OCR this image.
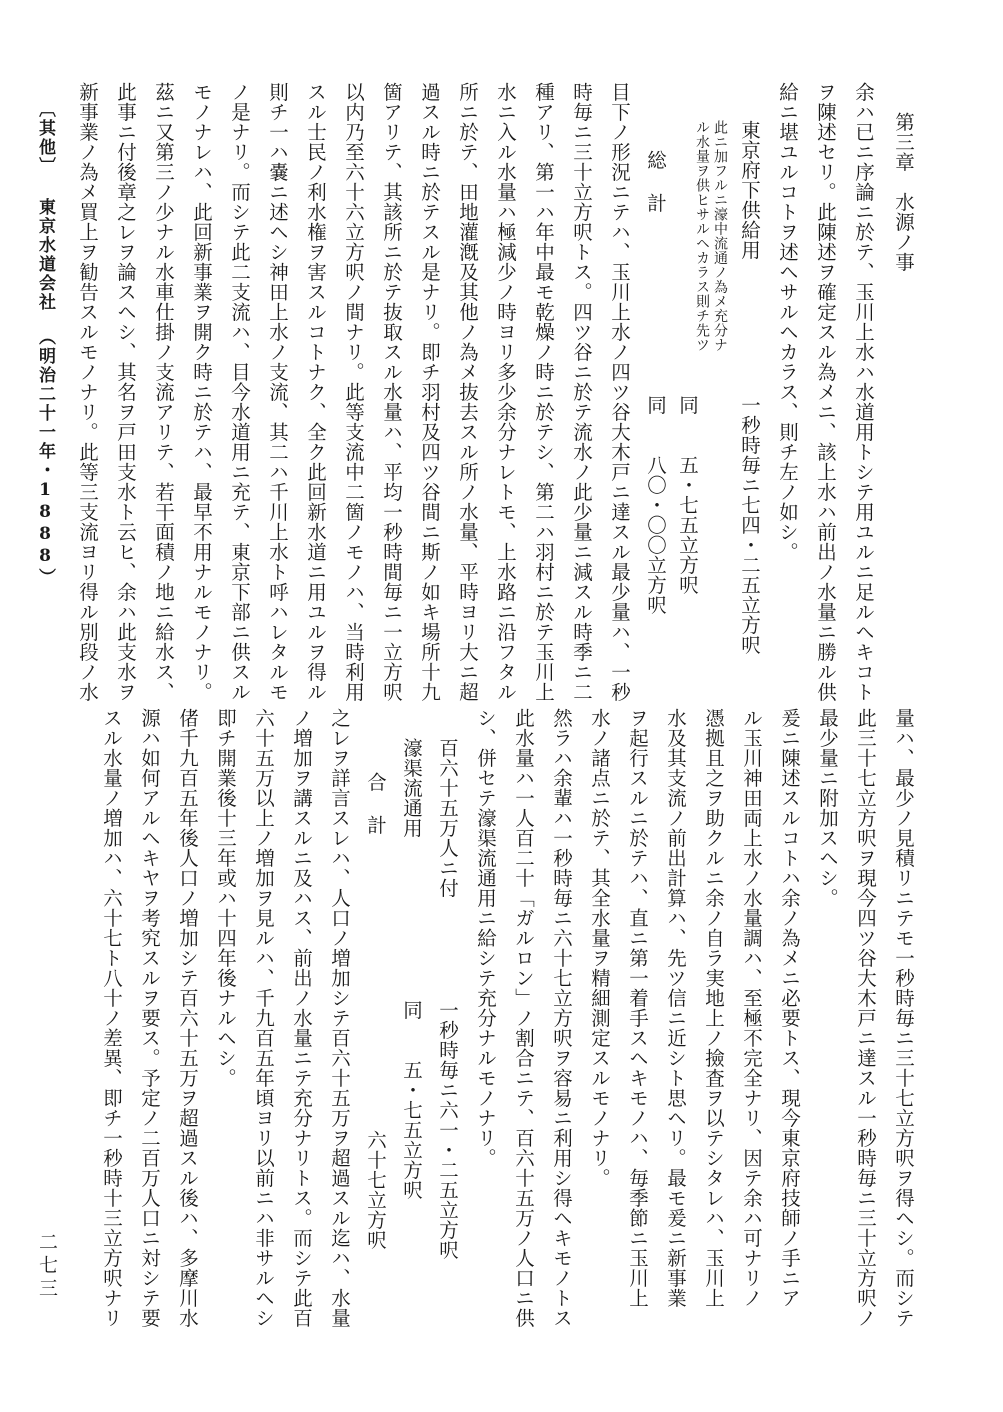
第三章　水源ノ事
余ハ已ニ序論ニ於テ、玉川上水ハ水道用トシテ用ユルニ足ルヘキコト
ヲ陳述セリ。此陳述ヲ確定スル為メニ、該上水ハ前出ノ水量ニ勝ル供
給ニ堪ユルコトヲ述ヘサルヘカラス、則チ左ノ如シ。
東京府下供給用
一秒時毎ニ七四・二五立方呎
此ニ加フルニ濠中流通ノ為メ充分ナ
ル水量ヲ供ヒサルヘカラス則チ先ツ
同　　五・七五立方呎
総　計
同　　八〇・〇〇立方呎
目下ノ形況ニテハ、玉川上水ノ四ツ谷大木戸ニ達スル最少量ハ、一秒
時毎ニ三十立方呎トス。四ツ谷ニ於テ流水ノ此少量ニ減スル時季ニ二
種アリ、第一ハ年中最モ乾燥ノ時ニ於テシ、第二ハ羽村ニ於テ玉川上
水ニ入ル水量ハ極減少ノ時ヨリ多少余分ナレトモ、上水路ニ沿フタル
所ニ於テ、田地灌漑及其他ノ為メ抜去スル所ノ水量、平時ヨリ大ニ超
過スル時ニ於テスル是ナリ。即チ羽村及四ツ谷間ニ斯ノ如キ場所十九
箇アリテ、其該所ニ於テ抜取スル水量ハ、平均一秒時間毎ニ一立方呎
以内乃至六十六立方呎ノ間ナリ。此等支流中二箇ノモノハ、当時利用
スル士民ノ利水権ヲ害スルコトナク、全ク此回新水道ニ用ユルヲ得ル
則チ一ハ嚢ニ述ヘシ神田上水ノ支流、其二ハ千川上水ト呼ハレタルモ
ノ是ナリ。而シテ此二支流ハ、目今水道用ニ充テ、東京下部ニ供スル
モノナレハ、此回新事業ヲ開ク時ニ於テハ、最早不用ナルモノナリ。
茲ニ又第三ノ少ナル水車仕掛ノ支流アリテ、若干面積ノ地ニ給水ス、
此事ニ付後章之レヲ論スヘシ、其名ヲ戸田支水ト云ヒ、余ハ此支水ヲ
新事業ノ為メ買上ヲ勧告スルモノナリ。此等三支流ヨリ得ル別段ノ水
量ハ、最少ノ見積リニテモ一秒時毎ニ三十七立方呎ヲ得ヘシ。而シテ
此三十七立方呎ヲ現今四ツ谷大木戸ニ達スル一秒時毎ニ三十立方呎ノ
最少量ニ附加スヘシ。
爰ニ陳述スルコトハ余ノ為メニ必要トス、現今東京府技師ノ手ニア
ル玉川神田両上水ノ水量調ハ、至極不完全ナリ、因テ余ハ可ナリノ
憑拠且之ヲ助クルニ余ノ自ラ実地上ノ撿査ヲ以テシタレハ、玉川上
水及其支流ノ前出計算ハ、先ツ信ニ近シト思ヘリ。最モ爰ニ新事業
ヲ起行スルニ於テハ、直ニ第一着手スヘキモノハ、毎季節ニ玉川上
水ノ諸点ニ於テ、其全水量ヲ精細測定スルモノナリ。
然ラハ余輩ハ一秒時毎ニ六十七立方呎ヲ容易ニ利用シ得ヘキモノトス
此水量ハ一人百二十「ガルロン」ノ割合ニテ、百六十五万ノ人口ニ供
シ、併セテ濠渠流通用ニ給シテ充分ナルモノナリ。
百六十五万人ニ付
一秒時毎ニ六一・二五立方呎
濠渠流通用
同　　五・七五立方呎
合　計
六十七立方呎
之レヲ詳言スレハ、人口ノ増加シテ百六十五万ヲ超過スル迄ハ、水量
ノ増加ヲ講スルニ及ハス、前出ノ水量ニテ充分ナリトス。而シテ此百
六十五万以上ノ増加ヲ見ルハ、千九百五年頃ヨリ以前ニハ非サルヘシ
即チ開業後十三年或ハ十四年後ナルヘシ。
偖千九百五年後人口ノ増加シテ百六十五万ヲ超過スル後ハ、多摩川水
源ハ如何アルヘキヤヲ考究スルヲ要ス。予定ノ二百万人口ニ対シテ要
スル水量ノ増加ハ、六十七ト八十ノ差異、即チ一秒時十三立方呎ナリ
〔其他〕東京水道会社（明治二十一年・1888）
二七三
